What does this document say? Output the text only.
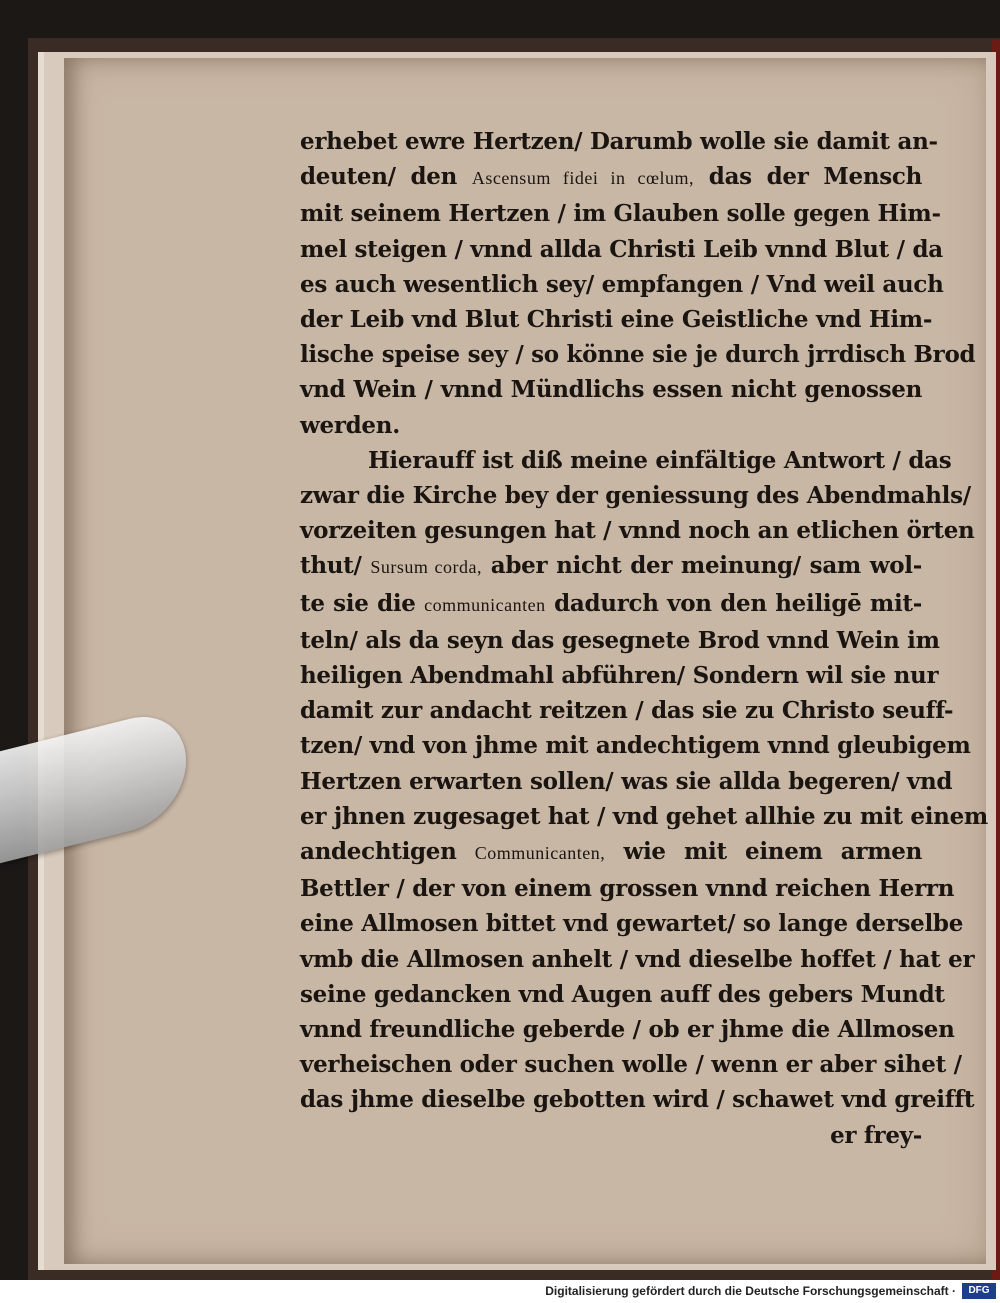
erhebet ewre Hertzen/ Darumb wolle sie damit an-
deuten/ den Ascensum fidei in cœlum, das der Mensch
mit seinem Hertzen / im Glauben solle gegen Him-
mel steigen / vnnd allda Christi Leib vnnd Blut / da
es auch wesentlich sey/ empfangen / Vnd weil auch
der Leib vnd Blut Christi eine Geistliche vnd Him-
lische speise sey / so könne sie je durch jrrdisch Brod
vnd Wein / vnnd Mündlichs essen nicht genossen
werden.
Hierauff ist diß meine einfältige Antwort / das
zwar die Kirche bey der geniessung des Abendmahls/
vorzeiten gesungen hat / vnnd noch an etlichen örten
thut/ Sursum corda, aber nicht der meinung/ sam wol-
te sie die communicanten dadurch von den heiligē mit-
teln/ als da seyn das gesegnete Brod vnnd Wein im
heiligen Abendmahl abführen/ Sondern wil sie nur
damit zur andacht reitzen / das sie zu Christo seuff-
tzen/ vnd von jhme mit andechtigem vnnd gleubigem
Hertzen erwarten sollen/ was sie allda begeren/ vnd
er jhnen zugesaget hat / vnd gehet allhie zu mit einem
andechtigen Communicanten, wie mit einem armen
Bettler / der von einem grossen vnnd reichen Herrn
eine Allmosen bittet vnd gewartet/ so lange derselbe
vmb die Allmosen anhelt / vnd dieselbe hoffet / hat er
seine gedancken vnd Augen auff des gebers Mundt
vnnd freundliche geberde / ob er jhme die Allmosen
verheischen oder suchen wolle / wenn er aber sihet /
das jhme dieselbe gebotten wird / schawet vnd greifft
er frey-
Digitalisierung gefördert durch die Deutsche Forschungsgemeinschaft ·	DFG
